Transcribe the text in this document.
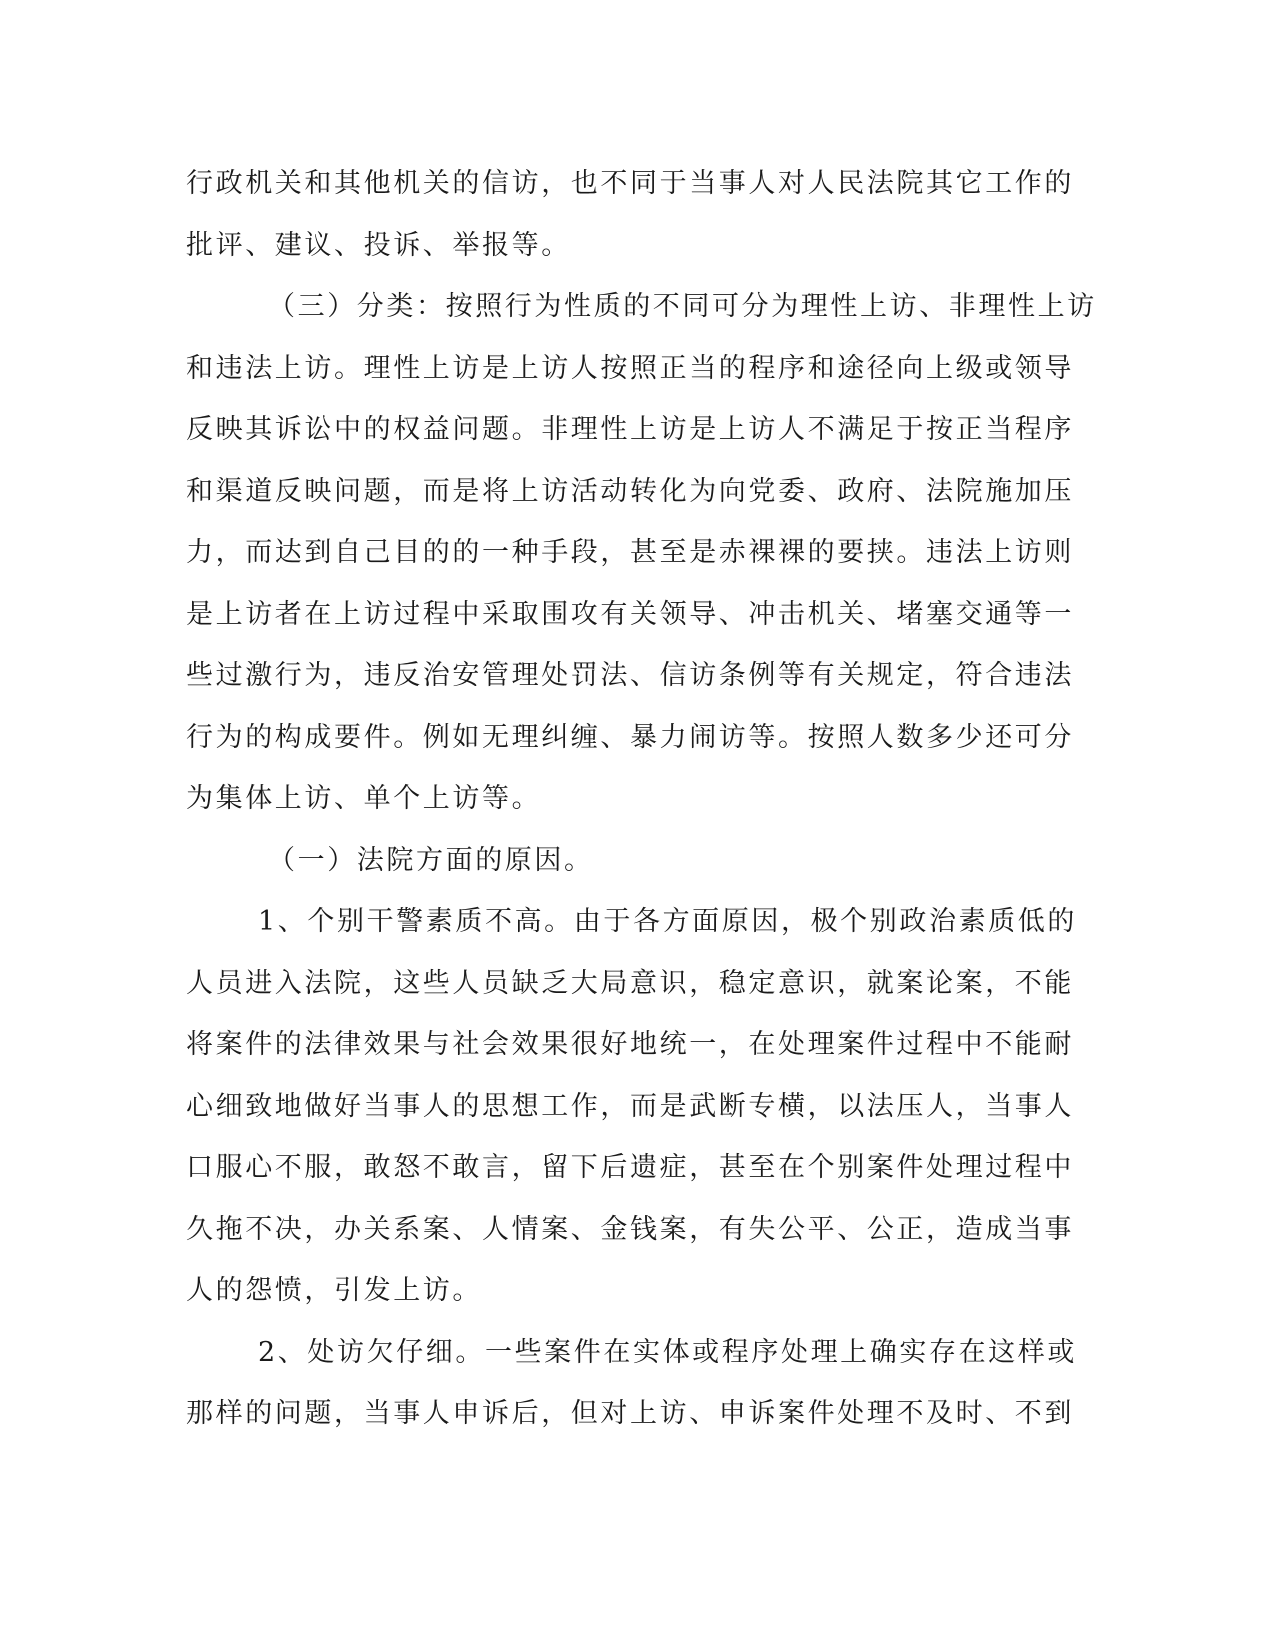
行政机关和其他机关的信访，也不同于当事人对人民法院其它工作的
批评、建议、投诉、举报等。
（三）分类：按照行为性质的不同可分为理性上访、非理性上访
和违法上访。理性上访是上访人按照正当的程序和途径向上级或领导
反映其诉讼中的权益问题。非理性上访是上访人不满足于按正当程序
和渠道反映问题，而是将上访活动转化为向党委、政府、法院施加压
力，而达到自己目的的一种手段，甚至是赤裸裸的要挟。违法上访则
是上访者在上访过程中采取围攻有关领导、冲击机关、堵塞交通等一
些过激行为，违反治安管理处罚法、信访条例等有关规定，符合违法
行为的构成要件。例如无理纠缠、暴力闹访等。按照人数多少还可分
为集体上访、单个上访等。
（一）法院方面的原因。
1、个别干警素质不高。由于各方面原因，极个别政治素质低的
人员进入法院，这些人员缺乏大局意识，稳定意识，就案论案，不能
将案件的法律效果与社会效果很好地统一，在处理案件过程中不能耐
心细致地做好当事人的思想工作，而是武断专横，以法压人，当事人
口服心不服，敢怒不敢言，留下后遗症，甚至在个别案件处理过程中
久拖不决，办关系案、人情案、金钱案，有失公平、公正，造成当事
人的怨愤，引发上访。
2、处访欠仔细。一些案件在实体或程序处理上确实存在这样或
那样的问题，当事人申诉后，但对上访、申诉案件处理不及时、不到
